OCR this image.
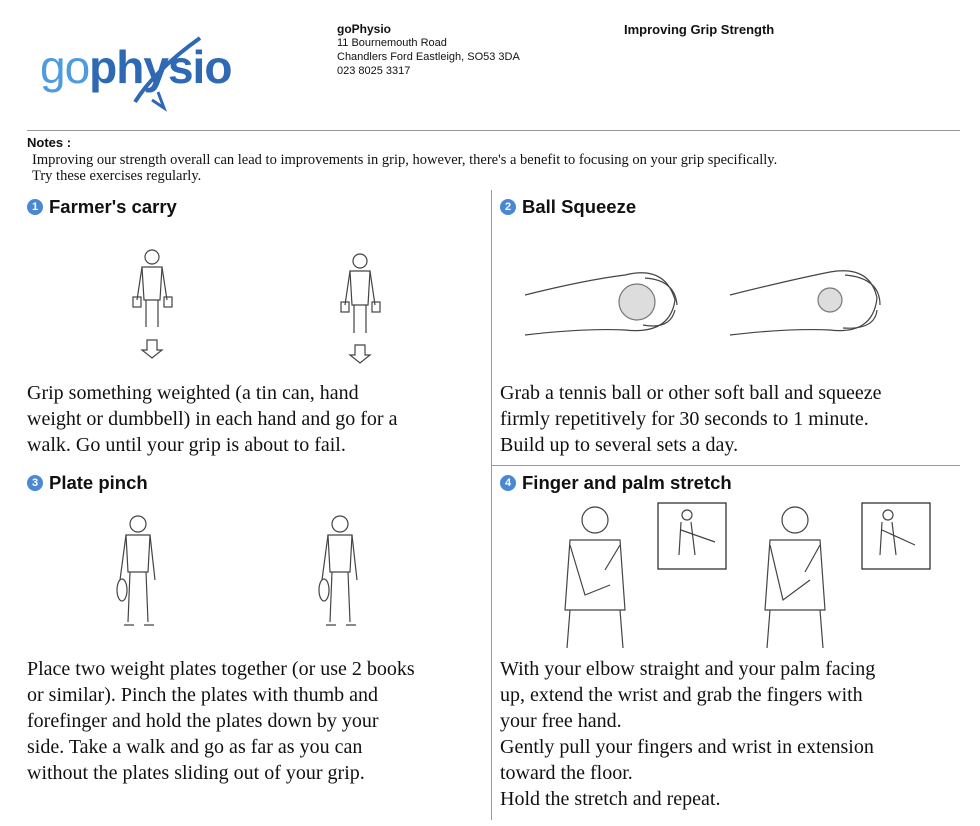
gophysio
goPhysio
11 Bournemouth Road
Chandlers Ford Eastleigh, SO53 3DA
023 8025 3317
Improving Grip Strength
Notes :
Improving our strength overall can lead to improvements in grip, however, there's a benefit to focusing on your grip specifically.
Try these exercises regularly.
1 Farmer's carry
Grip something weighted (a tin can, hand
weight or dumbbell) in each hand and go for a
walk. Go until your grip is about to fail.
2 Ball Squeeze
Grab a tennis ball or other soft ball and squeeze
firmly repetitively for 30 seconds to 1 minute.
Build up to several sets a day.
3 Plate pinch
Place two weight plates together (or use 2 books
or similar). Pinch the plates with thumb and
forefinger and hold the plates down by your
side. Take a walk and go as far as you can
without the plates sliding out of your grip.
4 Finger and palm stretch
With your elbow straight and your palm facing
up, extend the wrist and grab the fingers with
your free hand.
Gently pull your fingers and wrist in extension
toward the floor.
Hold the stretch and repeat.
